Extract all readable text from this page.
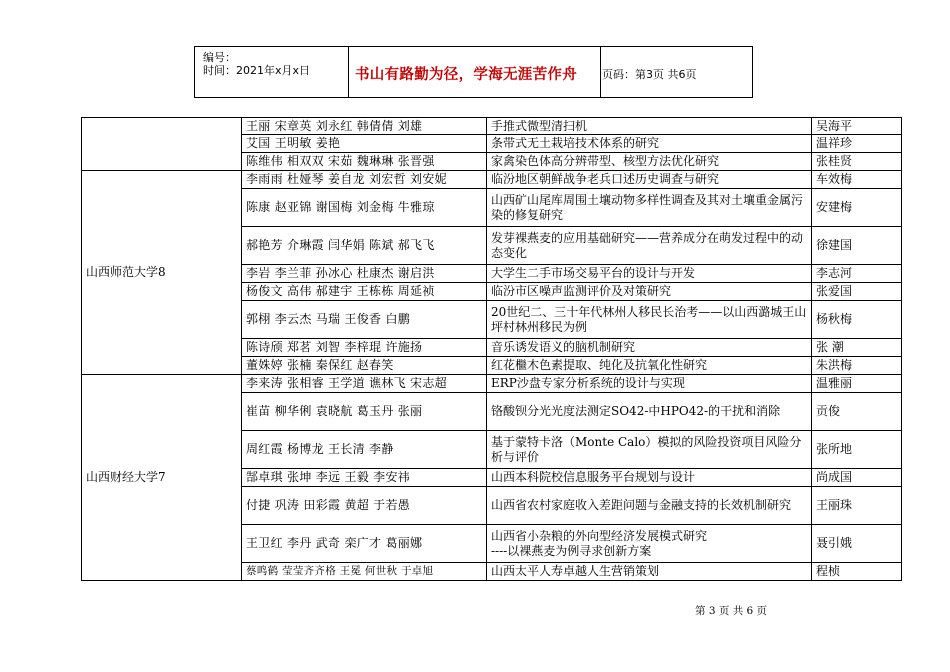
编号：
时间：2021年x月x日	书山有路勤为径，学海无涯苦作舟 页码：第3页 共6页
	王丽 宋章英 刘永红 韩倩倩 刘雄	手推式微型清扫机	吴海平
	艾国 王明敏 姜艳	条带式无土栽培技术体系的研究	温祥珍
	陈维伟 相双双 宋茹 魏琳琳 张晋强	家禽染色体高分辨带型、核型方法优化研究	张桂贤
山西师范大学8	李雨雨 杜娅琴 姜自龙 刘宏哲 刘安妮	临汾地区朝鲜战争老兵口述历史调查与研究	车效梅
	陈康 赵亚锦 谢国梅 刘金梅 牛雅琼	山西矿山尾库周围土壤动物多样性调查及其对土壤重金属污染的修复研究	安建梅
	郝艳芳 介琳霞 闫华娟 陈斌 郝飞飞	发芽裸燕麦的应用基础研究——营养成分在萌发过程中的动态变化	徐建国
	李岩 李兰菲 孙冰心 杜康杰 谢启洪	大学生二手市场交易平台的设计与开发	李志河
	杨俊文 高伟 郝建宇 王栋栋 周延祯	临汾市区噪声监测评价及对策研究	张爱国
	郭栩 李云杰 马瑞 王俊香 白鹏	20世纪二、三十年代林州人移民长治考——以山西潞城王山坪村林州移民为例	杨秋梅
	陈诗颀 郑茗 刘智 李梓琨 许施扬	音乐诱发语义的脑机制研究	张 潮
	董姝婷 张楠 秦保红 赵春笑	红花檵木色素提取、纯化及抗氧化性研究	朱洪梅
山西财经大学7	李来涛 张相睿 王学道 谯林飞 宋志超	ERP沙盘专家分析系统的设计与实现	温雅丽
	崔苗 柳华俐 袁晓航 葛玉丹 张丽	铬酸钡分光光度法测定SO42-中HPO42-的干扰和消除	贡俊
	周红霞 杨博龙 王长清 李静	基于蒙特卡洛（Monte Calo）模拟的风险投资项目风险分析与评价	张所地
	郜卓琪 张坤 李远 王毅 李安祎	山西本科院校信息服务平台规划与设计	尚成国
	付捷 巩涛 田彩霞 黄超 于若愚	山西省农村家庭收入差距问题与金融支持的长效机制研究	王丽珠
	王卫红 李丹 武奇 栾广才 葛丽娜	山西省小杂粮的外向型经济发展模式研究
----以裸燕麦为例寻求创新方案	聂引娥
	蔡鸣鹤 莹莹齐齐格 王冕 何世秋 于卓旭	山西太平人寿卓越人生营销策划	程桢
第 3 页 共 6 页
